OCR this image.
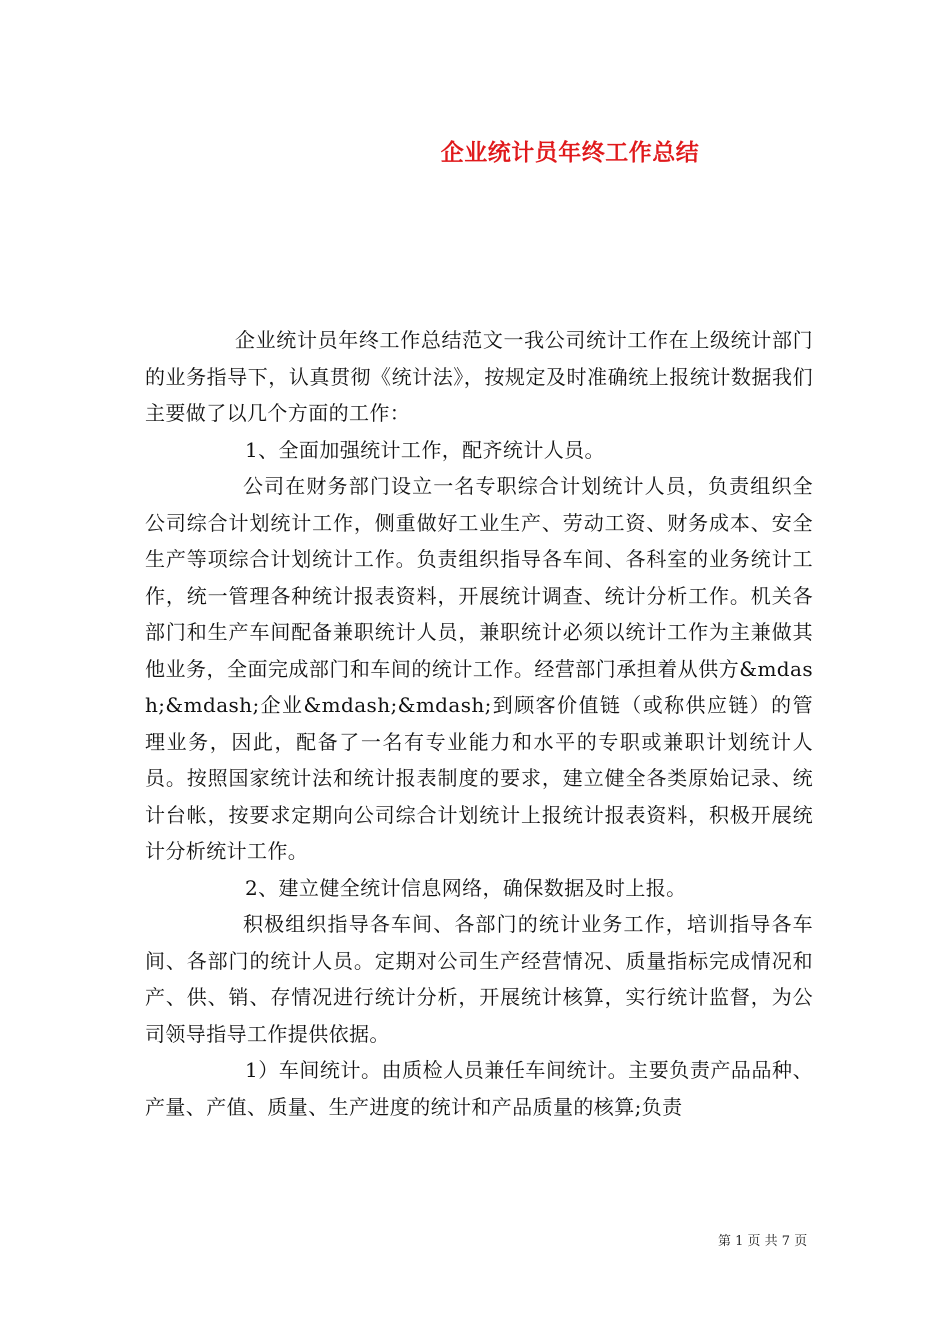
企业统计员年终工作总结

企业统计员年终工作总结范文一我公司统计工作在上级统计部门的业务指导下，认真贯彻《统计法》，按规定及时准确统上报统计数据我们主要做了以几个方面的工作：

1、全面加强统计工作，配齐统计人员。

公司在财务部门设立一名专职综合计划统计人员，负责组织全公司综合计划统计工作，侧重做好工业生产、劳动工资、财务成本、安全生产等项综合计划统计工作。负责组织指导各车间、各科室的业务统计工作，统一管理各种统计报表资料，开展统计调查、统计分析工作。机关各部门和生产车间配备兼职统计人员，兼职统计必须以统计工作为主兼做其他业务，全面完成部门和车间的统计工作。经营部门承担着从供方&mdash;&mdash;企业&mdash;&mdash;到顾客价值链（或称供应链）的管理业务，因此，配备了一名有专业能力和水平的专职或兼职计划统计人员。按照国家统计法和统计报表制度的要求，建立健全各类原始记录、统计台帐，按要求定期向公司综合计划统计上报统计报表资料，积极开展统计分析统计工作。

2、建立健全统计信息网络，确保数据及时上报。

积极组织指导各车间、各部门的统计业务工作，培训指导各车间、各部门的统计人员。定期对公司生产经营情况、质量指标完成情况和产、供、销、存情况进行统计分析，开展统计核算，实行统计监督，为公司领导指导工作提供依据。

1）车间统计。由质检人员兼任车间统计。主要负责产品品种、产量、产值、质量、生产进度的统计和产品质量的核算;负责

第 1 页 共 7 页
